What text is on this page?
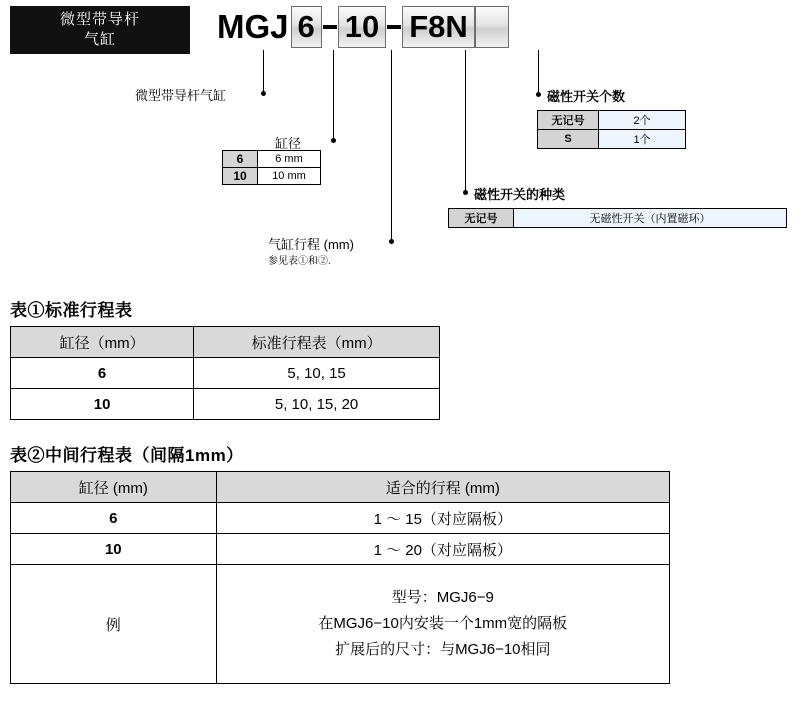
微型带导杆
气缸	MGJ 6 10 F8N
微型带导杆气缸
缸径
6	6 mm
10	10 mm
气缸行程 (mm)
参见表①和②.
磁性开关个数
无记号	2个
S	1个
磁性开关的种类
无记号	无磁性开关（内置磁环）
表①标准行程表
缸径（mm）	标准行程表（mm）
6	5, 10, 15
10	5, 10, 15, 20
表②中间行程表（间隔1mm）
缸径 (mm)	适合的行程 (mm)
6	1 ～ 15（对应隔板）
10	1 ～ 20（对应隔板）
例	型号：MGJ6−9
在MGJ6−10内安装一个1mm宽的隔板
扩展后的尺寸：与MGJ6−10相同
